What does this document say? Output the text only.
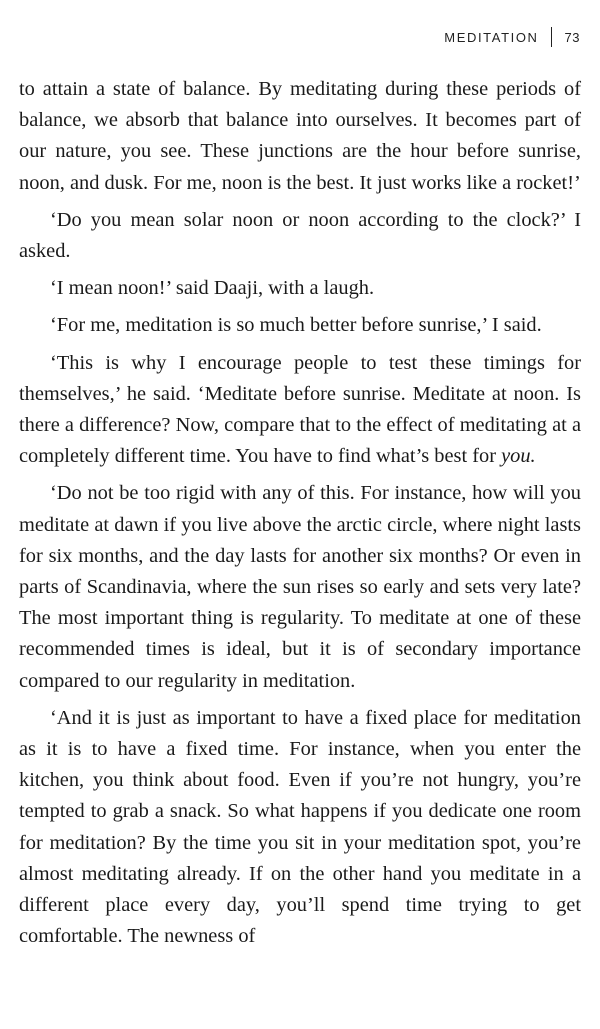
MEDITATION 73

to attain a state of balance. By meditating during these periods of balance, we absorb that balance into ourselves. It becomes part of our nature, you see. These junctions are the hour before sunrise, noon, and dusk. For me, noon is the best. It just works like a rocket!’

‘Do you mean solar noon or noon according to the clock?’ I asked.

‘I mean noon!’ said Daaji, with a laugh.

‘For me, meditation is so much better before sunrise,’ I said.

‘This is why I encourage people to test these timings for themselves,’ he said. ‘Meditate before sunrise. Meditate at noon. Is there a difference? Now, compare that to the effect of meditating at a completely different time. You have to find what’s best for you.

‘Do not be too rigid with any of this. For instance, how will you meditate at dawn if you live above the arctic circle, where night lasts for six months, and the day lasts for another six months? Or even in parts of Scandinavia, where the sun rises so early and sets very late? The most important thing is regularity. To meditate at one of these recommended times is ideal, but it is of secondary importance compared to our regularity in meditation.

‘And it is just as important to have a fixed place for meditation as it is to have a fixed time. For instance, when you enter the kitchen, you think about food. Even if you’re not hungry, you’re tempted to grab a snack. So what happens if you dedicate one room for meditation? By the time you sit in your meditation spot, you’re almost meditating already. If on the other hand you meditate in a different place every day, you’ll spend time trying to get comfortable. The newness of
